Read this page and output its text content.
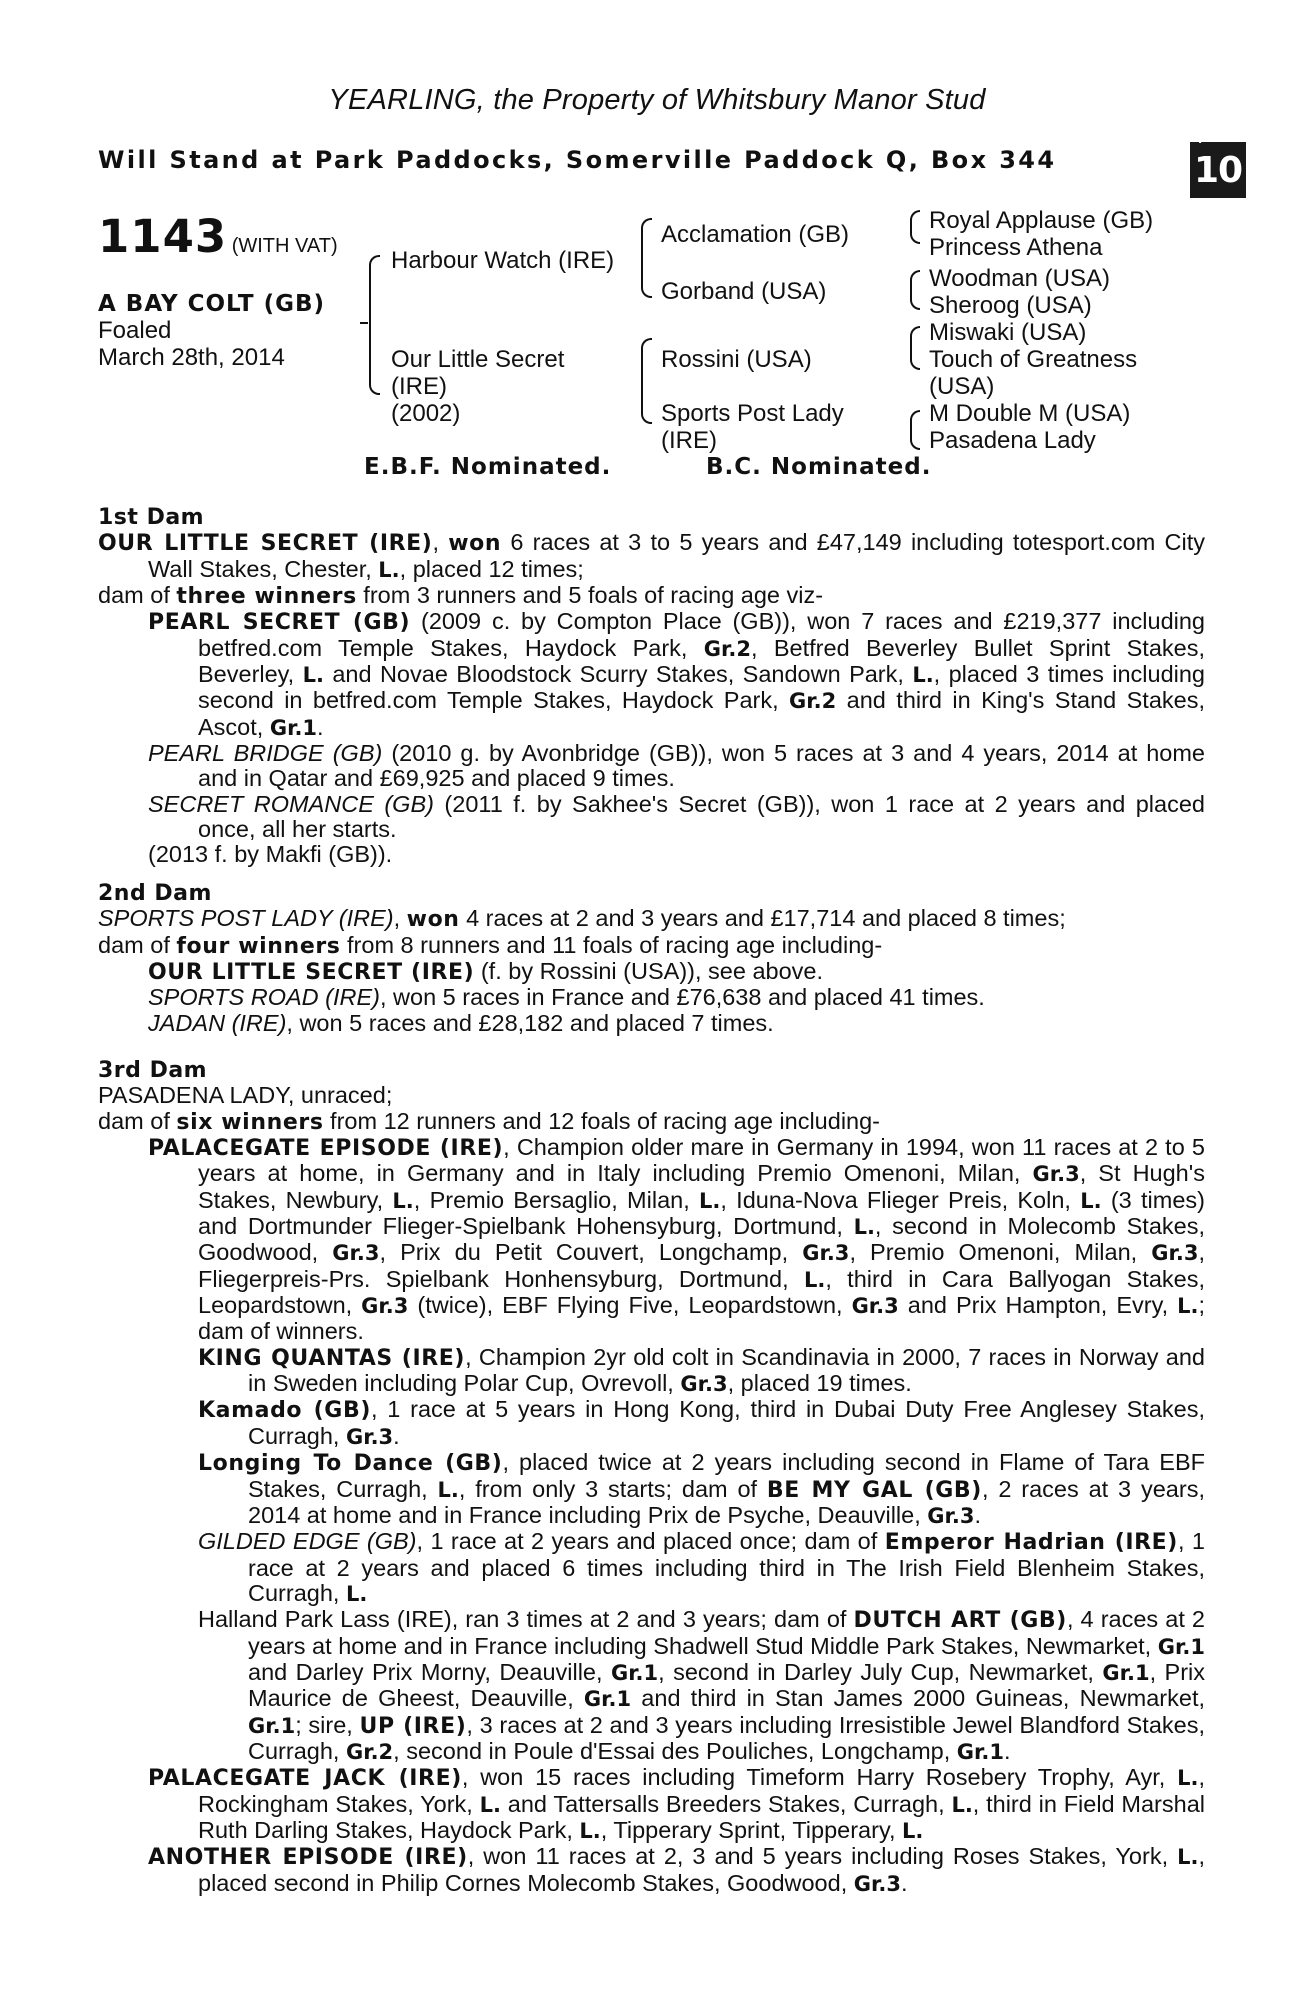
YEARLING, the Property of Whitsbury Manor Stud
Will Stand at Park Paddocks, Somerville Paddock Q, Box 344
+
10
1143 (WITH VAT)
A BAY COLT (GB)
Foaled
March 28th, 2014
Harbour Watch (IRE)
Our Little Secret
(IRE)
(2002)
Acclamation (GB)
Gorband (USA)
Rossini (USA)
Sports Post Lady
(IRE)
Royal Applause (GB)
Princess Athena
Woodman (USA)
Sheroog (USA)
Miswaki (USA)
Touch of Greatness
(USA)
M Double M (USA)
Pasadena Lady
E.B.F. Nominated.	B.C. Nominated.

1st Dam

OUR LITTLE SECRET (IRE), won 6 races at 3 to 5 years and £47,149 including totesport.com City Wall Stakes, Chester, L., placed 12 times;

dam of three winners from 3 runners and 5 foals of racing age viz-

PEARL SECRET (GB) (2009 c. by Compton Place (GB)), won 7 races and £219,377 including betfred.com Temple Stakes, Haydock Park, Gr.2, Betfred Beverley Bullet Sprint Stakes, Beverley, L. and Novae Bloodstock Scurry Stakes, Sandown Park, L., placed 3 times including second in betfred.com Temple Stakes, Haydock Park, Gr.2 and third in King's Stand Stakes, Ascot, Gr.1.

PEARL BRIDGE (GB) (2010 g. by Avonbridge (GB)), won 5 races at 3 and 4 years, 2014 at home and in Qatar and £69,925 and placed 9 times.

SECRET ROMANCE (GB) (2011 f. by Sakhee's Secret (GB)), won 1 race at 2 years and placed once, all her starts.

(2013 f. by Makfi (GB)).

2nd Dam

SPORTS POST LADY (IRE), won 4 races at 2 and 3 years and £17,714 and placed 8 times;

dam of four winners from 8 runners and 11 foals of racing age including-

OUR LITTLE SECRET (IRE) (f. by Rossini (USA)), see above.

SPORTS ROAD (IRE), won 5 races in France and £76,638 and placed 41 times.

JADAN (IRE), won 5 races and £28,182 and placed 7 times.

3rd Dam

PASADENA LADY, unraced;

dam of six winners from 12 runners and 12 foals of racing age including-

PALACEGATE EPISODE (IRE), Champion older mare in Germany in 1994, won 11 races at 2 to 5 years at home, in Germany and in Italy including Premio Omenoni, Milan, Gr.3, St Hugh's Stakes, Newbury, L., Premio Bersaglio, Milan, L., Iduna-Nova Flieger Preis, Koln, L. (3 times) and Dortmunder Flieger-Spielbank Hohensyburg, Dortmund, L., second in Molecomb Stakes, Goodwood, Gr.3, Prix du Petit Couvert, Longchamp, Gr.3, Premio Omenoni, Milan, Gr.3, Fliegerpreis-Prs. Spielbank Honhensyburg, Dortmund, L., third in Cara Ballyogan Stakes, Leopardstown, Gr.3 (twice), EBF Flying Five, Leopardstown, Gr.3 and Prix Hampton, Evry, L.; dam of winners.

KING QUANTAS (IRE), Champion 2yr old colt in Scandinavia in 2000, 7 races in Norway and in Sweden including Polar Cup, Ovrevoll, Gr.3, placed 19 times.

Kamado (GB), 1 race at 5 years in Hong Kong, third in Dubai Duty Free Anglesey Stakes, Curragh, Gr.3.

Longing To Dance (GB), placed twice at 2 years including second in Flame of Tara EBF Stakes, Curragh, L., from only 3 starts; dam of BE MY GAL (GB), 2 races at 3 years, 2014 at home and in France including Prix de Psyche, Deauville, Gr.3.

GILDED EDGE (GB), 1 race at 2 years and placed once; dam of Emperor Hadrian (IRE), 1 race at 2 years and placed 6 times including third in The Irish Field Blenheim Stakes, Curragh, L.

Halland Park Lass (IRE), ran 3 times at 2 and 3 years; dam of DUTCH ART (GB), 4 races at 2 years at home and in France including Shadwell Stud Middle Park Stakes, Newmarket, Gr.1 and Darley Prix Morny, Deauville, Gr.1, second in Darley July Cup, Newmarket, Gr.1, Prix Maurice de Gheest, Deauville, Gr.1 and third in Stan James 2000 Guineas, Newmarket, Gr.1; sire, UP (IRE), 3 races at 2 and 3 years including Irresistible Jewel Blandford Stakes, Curragh, Gr.2, second in Poule d'Essai des Pouliches, Longchamp, Gr.1.

PALACEGATE JACK (IRE), won 15 races including Timeform Harry Rosebery Trophy, Ayr, L., Rockingham Stakes, York, L. and Tattersalls Breeders Stakes, Curragh, L., third in Field Marshal Ruth Darling Stakes, Haydock Park, L., Tipperary Sprint, Tipperary, L.

ANOTHER EPISODE (IRE), won 11 races at 2, 3 and 5 years including Roses Stakes, York, L., placed second in Philip Cornes Molecomb Stakes, Goodwood, Gr.3.
